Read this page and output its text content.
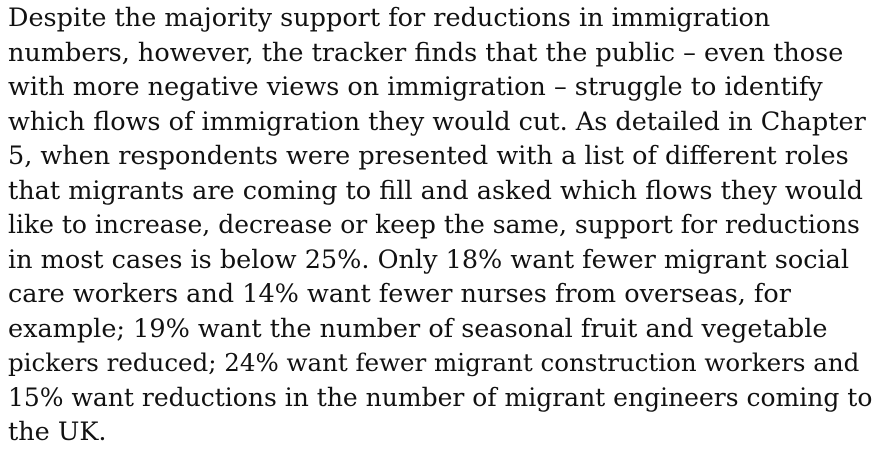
Despite the majority support for reductions in immigration
numbers, however, the tracker finds that the public – even those
with more negative views on immigration – struggle to identify
which flows of immigration they would cut. As detailed in Chapter
5, when respondents were presented with a list of different roles
that migrants are coming to fill and asked which flows they would
like to increase, decrease or keep the same, support for reductions
in most cases is below 25%. Only 18% want fewer migrant social
care workers and 14% want fewer nurses from overseas, for
example; 19% want the number of seasonal fruit and vegetable
pickers reduced; 24% want fewer migrant construction workers and
15% want reductions in the number of migrant engineers coming to
the UK.
